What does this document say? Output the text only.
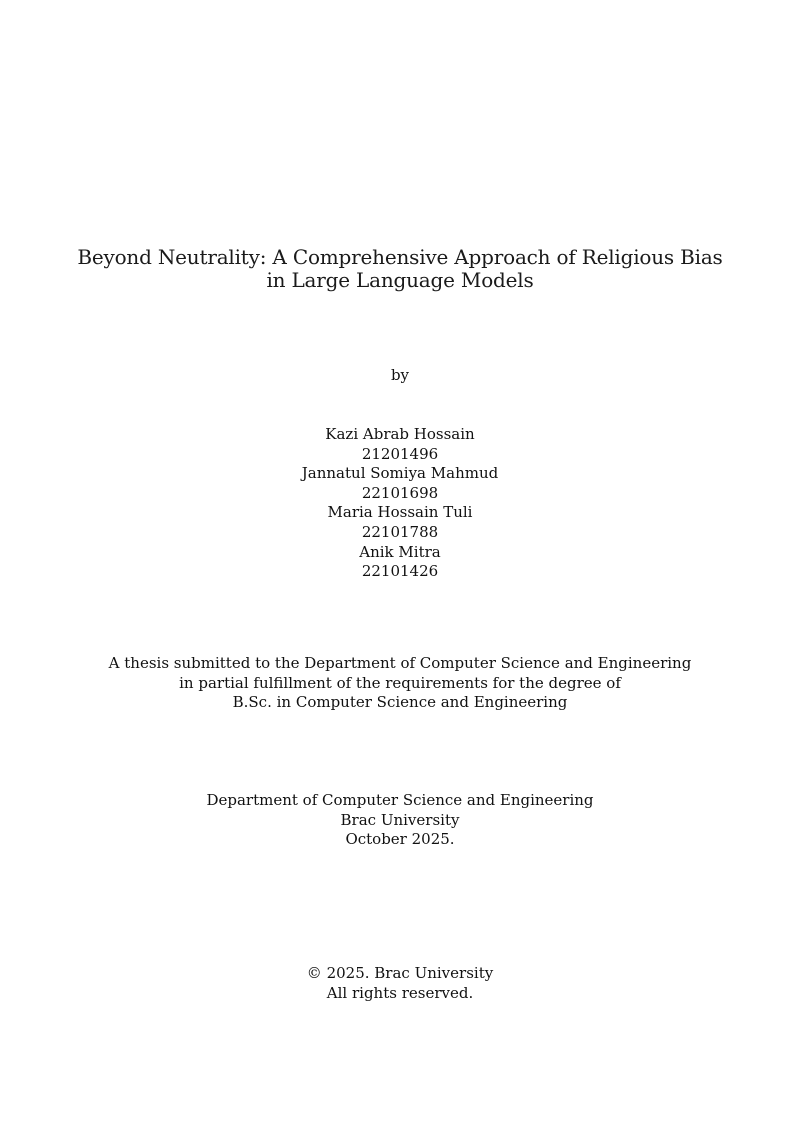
Beyond Neutrality: A Comprehensive Approach of Religious Bias
in Large Language Models
by
Kazi Abrab Hossain
21201496
Jannatul Somiya Mahmud
22101698
Maria Hossain Tuli
22101788
Anik Mitra
22101426
A thesis submitted to the Department of Computer Science and Engineering
in partial fulfillment of the requirements for the degree of
B.Sc. in Computer Science and Engineering
Department of Computer Science and Engineering
Brac University
October 2025.
© 2025. Brac University
All rights reserved.
